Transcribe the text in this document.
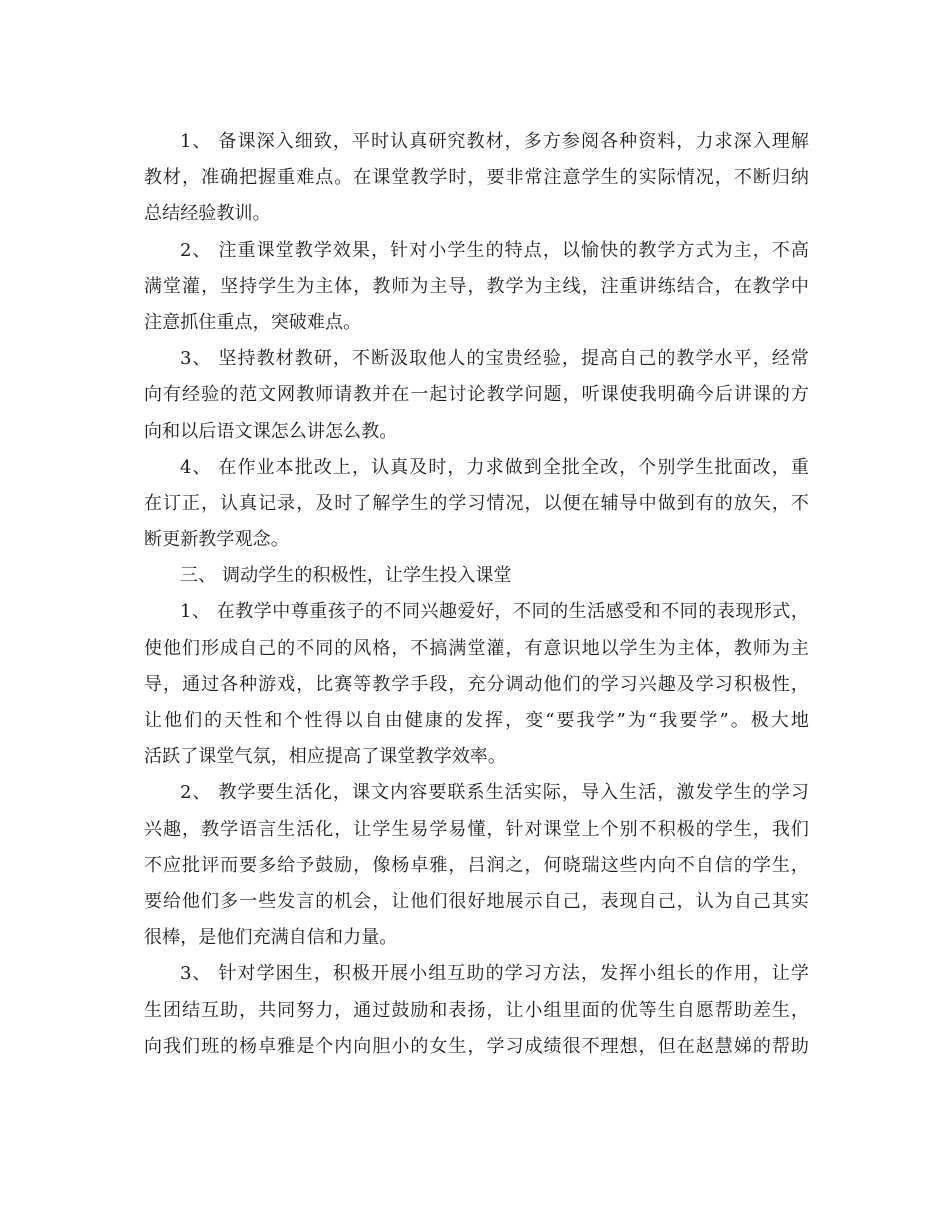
1、 备课深入细致，平时认真研究教材，多方参阅各种资料，力求深入理解
教材，准确把握重难点。在课堂教学时，要非常注意学生的实际情况，不断归纳
总结经验教训。
2、 注重课堂教学效果，针对小学生的特点，以愉快的教学方式为主，不高
满堂灌，坚持学生为主体，教师为主导，教学为主线，注重讲练结合，在教学中
注意抓住重点，突破难点。
3、 坚持教材教研，不断汲取他人的宝贵经验，提高自己的教学水平，经常
向有经验的范文网教师请教并在一起讨论教学问题，听课使我明确今后讲课的方
向和以后语文课怎么讲怎么教。
4、 在作业本批改上，认真及时，力求做到全批全改，个别学生批面改，重
在订正，认真记录，及时了解学生的学习情况，以便在辅导中做到有的放矢，不
断更新教学观念。
三、 调动学生的积极性，让学生投入课堂
1、 在教学中尊重孩子的不同兴趣爱好，不同的生活感受和不同的表现形式，
使他们形成自己的不同的风格，不搞满堂灌，有意识地以学生为主体，教师为主
导，通过各种游戏，比赛等教学手段，充分调动他们的学习兴趣及学习积极性，
让他们的天性和个性得以自由健康的发挥，变“要我学”为“我要学”。极大地
活跃了课堂气氛，相应提高了课堂教学效率。
2、 教学要生活化，课文内容要联系生活实际，导入生活，激发学生的学习
兴趣，教学语言生活化，让学生易学易懂，针对课堂上个别不积极的学生，我们
不应批评而要多给予鼓励，像杨卓雅，吕润之，何晓瑞这些内向不自信的学生，
要给他们多一些发言的机会，让他们很好地展示自己，表现自己，认为自己其实
很棒，是他们充满自信和力量。
3、 针对学困生，积极开展小组互助的学习方法，发挥小组长的作用，让学
生团结互助，共同努力，通过鼓励和表扬，让小组里面的优等生自愿帮助差生，
向我们班的杨卓雅是个内向胆小的女生，学习成绩很不理想，但在赵慧娣的帮助
